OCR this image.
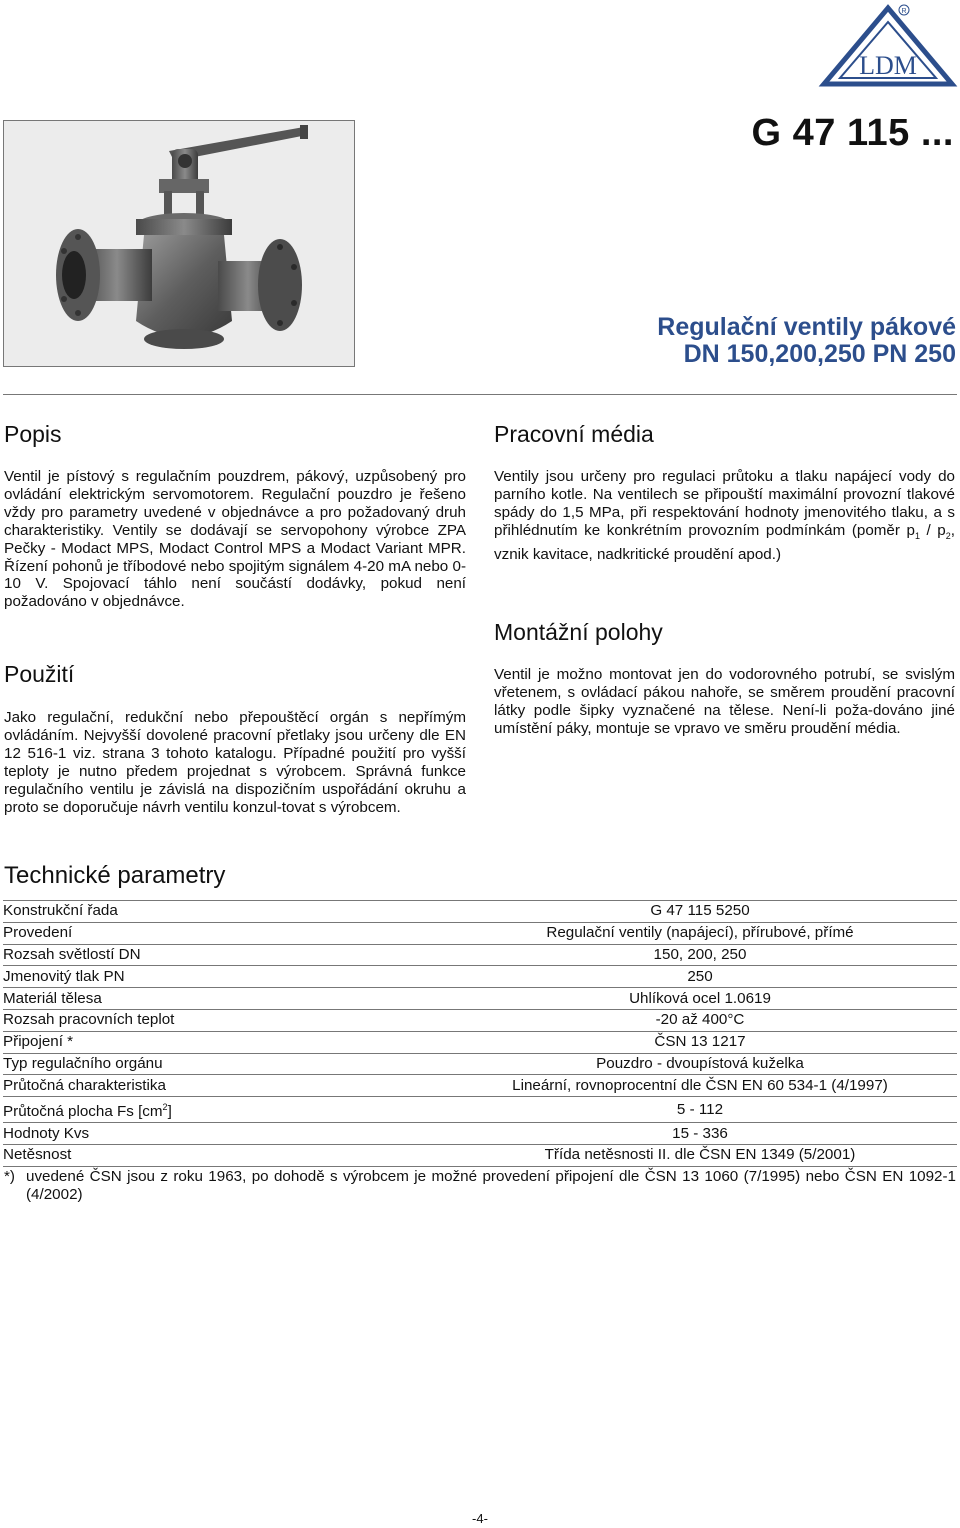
LDM
R
G 47 115 ...
Regulační ventily pákové
DN 150,200,250 PN 250
Popis

Ventil je pístový s regulačním pouzdrem, pákový, uzpůsobený pro ovládání elektrickým servomotorem. Regulační pouzdro je řešeno vždy pro parametry uvedené v objednávce a pro požadovaný druh charakteristiky. Ventily se dodávají se servopohony výrobce ZPA Pečky - Modact MPS, Modact Control MPS a Modact Variant MPR. Řízení pohonů je tříbodové nebo spojitým signálem 4-20 mA nebo 0-10 V. Spojovací táhlo není součástí dodávky, pokud není požadováno v objednávce.

Použití

Jako regulační, redukční nebo přepouštěcí orgán s nepřímým ovládáním. Nejvyšší dovolené pracovní přetlaky jsou určeny dle EN 12 516-1 viz. strana 3 tohoto katalogu. Případné použití pro vyšší teploty je nutno předem projednat s výrobcem. Správná funkce regulačního ventilu je závislá na dispozičním uspořádání okruhu a proto se doporučuje návrh ventilu konzul-tovat s výrobcem.

Pracovní média

Ventily jsou určeny pro regulaci průtoku a tlaku napájecí vody do parního kotle. Na ventilech se připouští maximální provozní tlakové spády do 1,5 MPa, při respektování hodnoty jmenovitého tlaku, a s přihlédnutím ke konkrétním provozním podmínkám (poměr $p_1 / p_2$, vznik kavitace, nadkritické proudění apod.)

Montážní polohy

Ventil je možno montovat jen do vodorovného potrubí, se svislým vřetenem, s ovládací pákou nahoře, se směrem proudění pracovní látky podle šipky vyznačené na tělese. Není-li poža-dováno jiné umístění páky, montuje se vpravo ve směru proudění média.

Technické parametry
Konstrukční řada	G 47 115 5250
Provedení	Regulační ventily (napájecí), přírubové, přímé
Rozsah světlostí DN	150, 200, 250
Jmenovitý tlak PN	250
Materiál tělesa	Uhlíková ocel 1.0619
Rozsah pracovních teplot	-20 až 400°C
Připojení *	ČSN 13 1217
Typ regulačního orgánu	Pouzdro - dvoupístová kuželka
Průtočná charakteristika	Lineární, rovnoprocentní dle ČSN EN 60 534-1 (4/1997)
Průtočná plocha Fs $[cm^2]$	5 - 112
Hodnoty Kvs	15 - 336
Netěsnost	Třída netěsnosti II. dle ČSN EN 1349 (5/2001)
*) uvedené ČSN jsou z roku 1963, po dohodě s výrobcem je možné provedení připojení dle ČSN 13 1060 (7/1995) nebo ČSN EN 1092-1 (4/2002)
-4-
